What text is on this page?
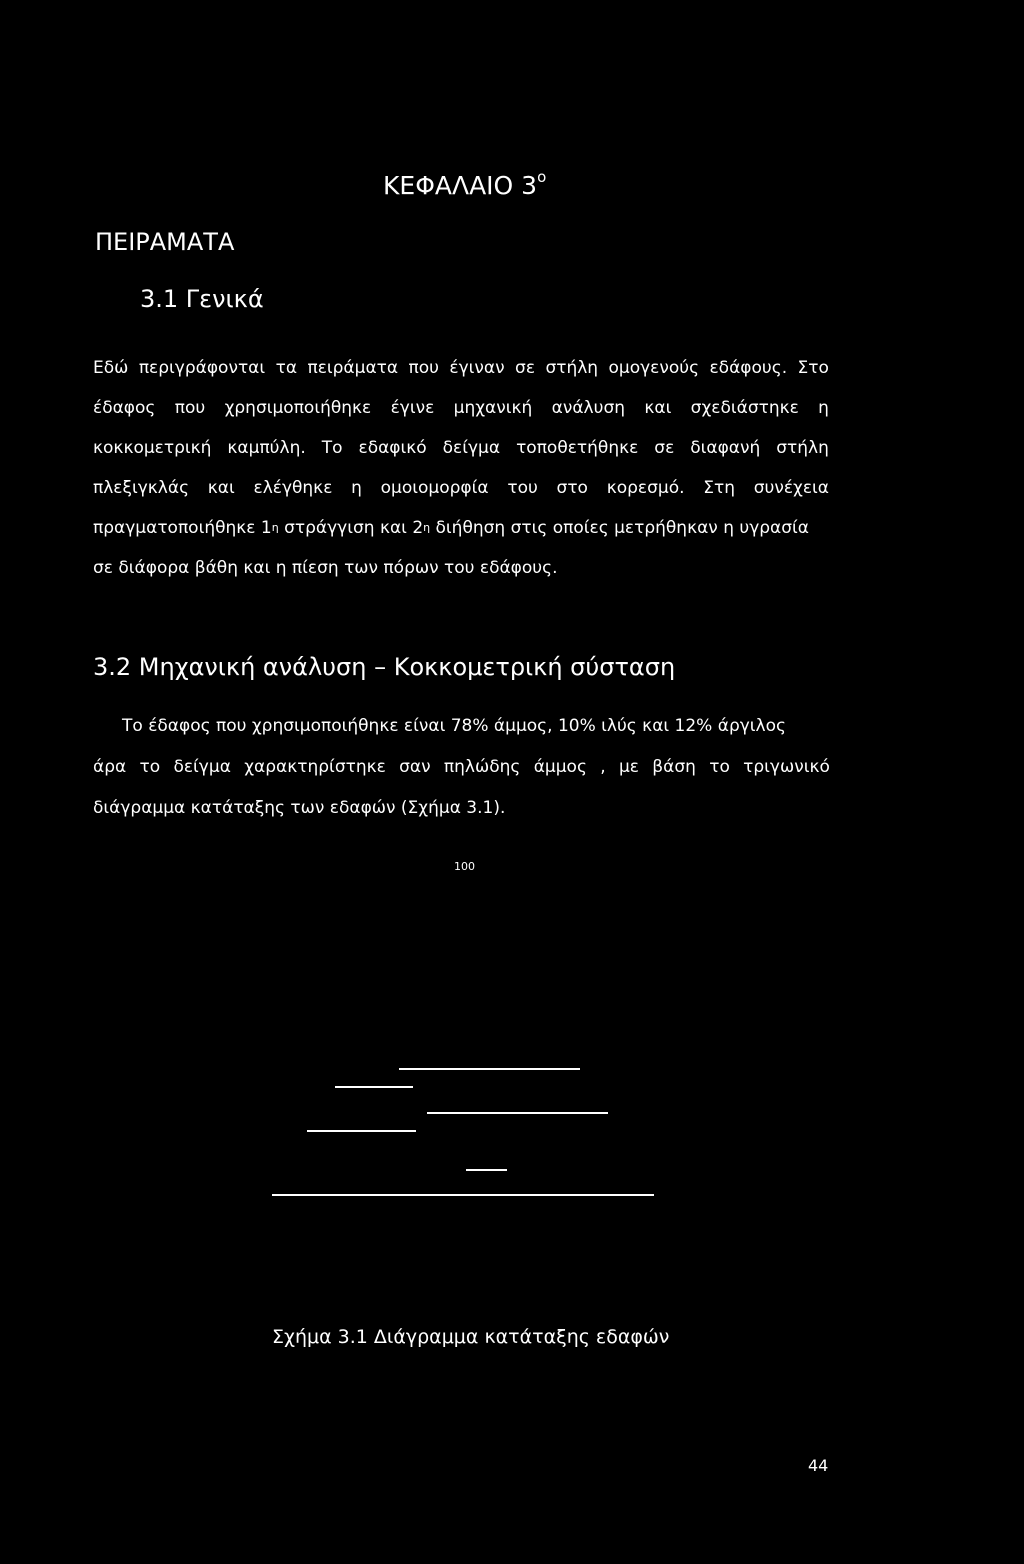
ΚΕΦΑΛΑΙΟ $3^o$
ΠΕΙΡΑΜΑΤΑ
3.1 Γενικά
Εδώ περιγράφονται τα πειράματα που έγιναν σε στήλη ομογενούς εδάφους. Στο
έδαφος που χρησιμοποιήθηκε έγινε μηχανική ανάλυση και σχεδιάστηκε η
κοκκομετρική καμπύλη. Το εδαφικό δείγμα τοποθετήθηκε σε διαφανή στήλη
πλεξιγκλάς και ελέγθηκε η ομοιομορφία του στο κορεσμό. Στη συνέχεια
πραγματοποιήθηκε 1 η στράγγιση και 2 η διήθηση στις οποίες μετρήθηκαν η υγρασία
σε διάφορα βάθη και η πίεση των πόρων του εδάφους.
3.2 Μηχανική ανάλυση – Κοκκομετρική σύσταση
Το έδαφος που χρησιμοποιήθηκε είναι 78% άμμος, 10% ιλύς και 12% άργιλος
άρα το δείγμα χαρακτηρίστηκε σαν πηλώδης άμμος , με βάση το τριγωνικό
διάγραμμα κατάταξης των εδαφών (Σχήμα 3.1).
100
Σχήμα 3.1 Διάγραμμα κατάταξης εδαφών
44
